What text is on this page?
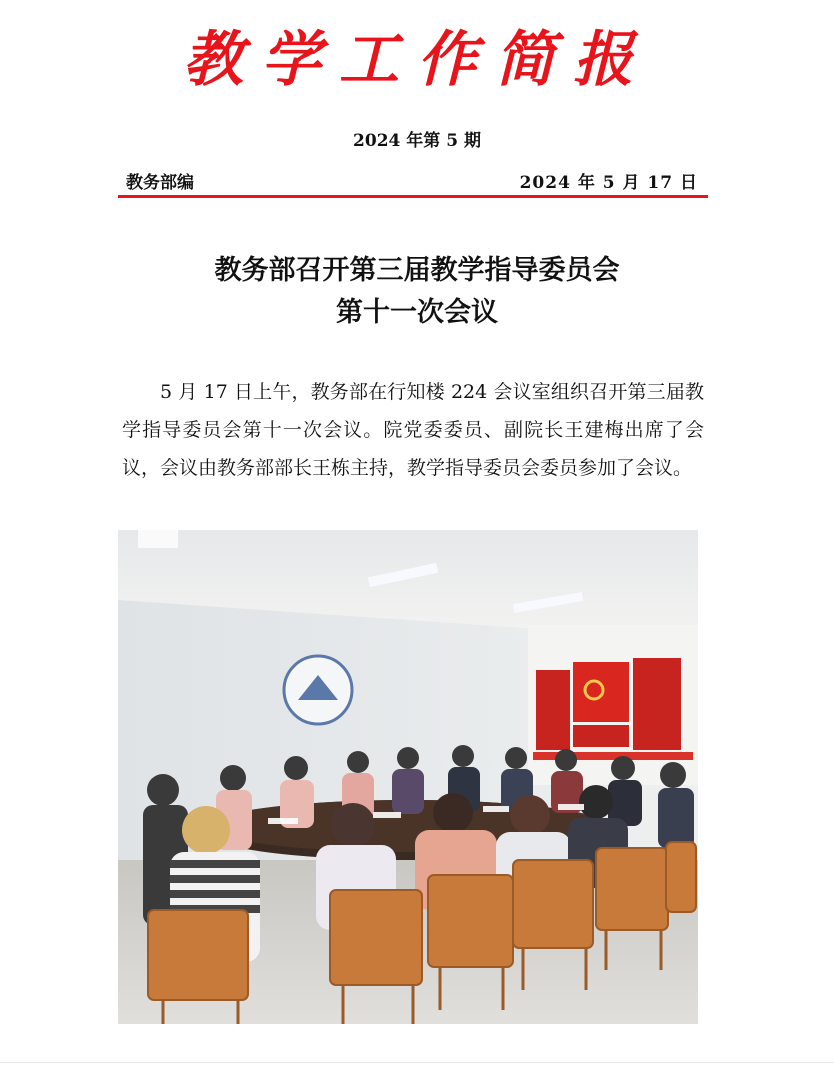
教学工作简报
2024 年第 5 期
教务部编	2024 年 5 月 17 日
教务部召开第三届教学指导委员会
第十一次会议
5 月 17 日上午，教务部在行知楼 224 会议室组织召开第三届教学指导委员会第十一次会议。院党委委员、副院长王建梅出席了会议，会议由教务部部长王栋主持，教学指导委员会委员参加了会议。
